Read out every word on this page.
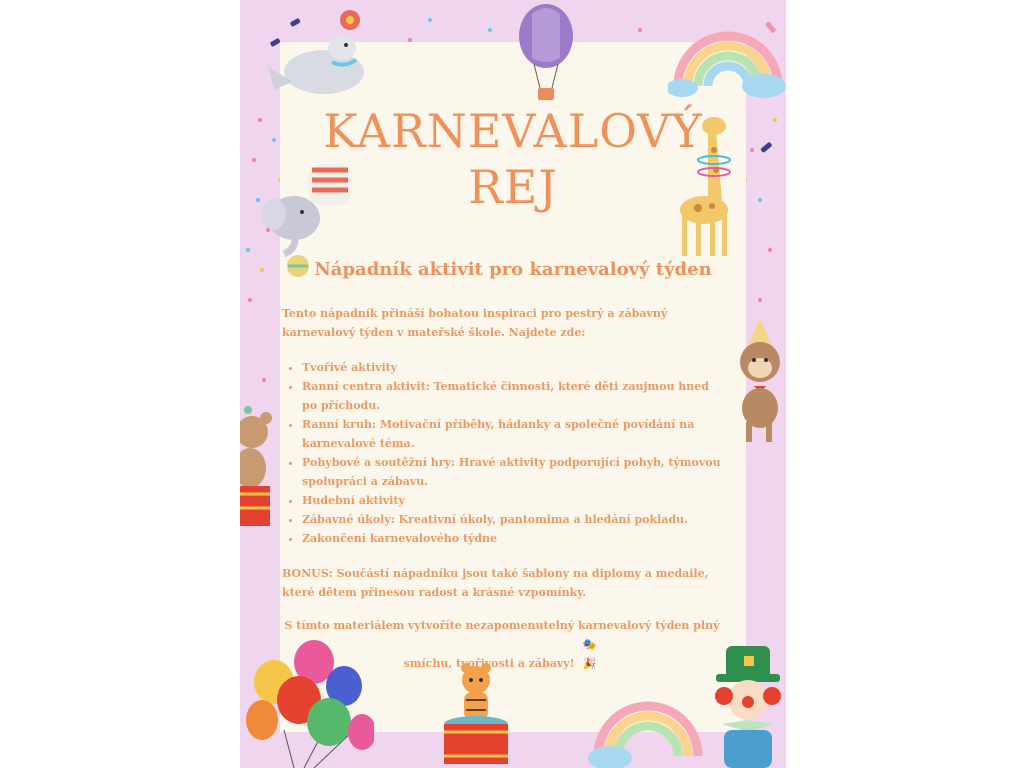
KARNEVALOVÝ
REJ
Nápadník aktivit pro karnevalový týden

Tento nápadník přináší bohatou inspiraci pro pestrý a zábavný karnevalový týden v mateřské škole. Najdete zde:

• Tvořivé aktivity
• Ranní centra aktivit: Tematické činnosti, které děti zaujmou hned po příchodu.
• Ranní kruh: Motivační příběhy, hádanky a společné povídání na karnevalové téma.
• Pohybové a soutěžní hry: Hravé aktivity podporující pohyb, týmovou spolupráci a zábavu.
• Hudební aktivity
• Zábavné úkoly: Kreativní úkoly, pantomima a hledání pokladu.
• Zakončení karnevalového týdne

BONUS: Součástí nápadníku jsou také šablony na diplomy a medaile, které dětem přinesou radost a krásné vzpomínky.

S tímto materiálem vytvoříte nezapomenutelný karnevalový týden plný smíchu, tvořivosti a zábavy! 🎭🎉
